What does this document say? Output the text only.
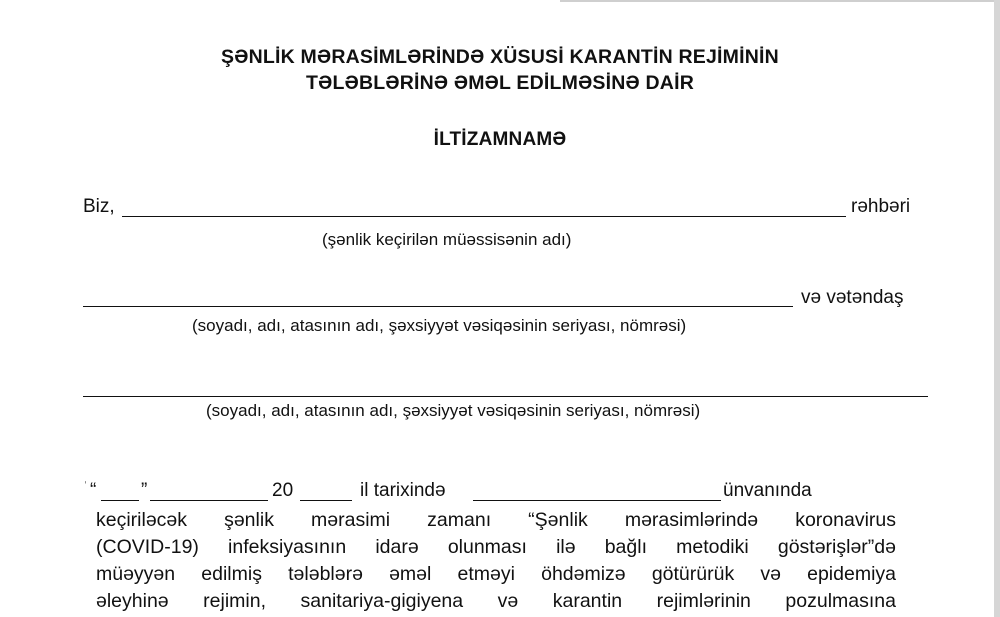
ŞƏNLİK MƏRASİMLƏRİNDƏ XÜSUSİ KARANTİN REJİMİNİN
TƏLƏBLƏRİNƏ ƏMƏL EDİLMƏSİNƏ DAİR
İLTİZAMNAMƏ
Biz,	rəhbəri
(şənlik keçirilən müəssisənin adı)
və vətəndaş
(soyadı, adı, atasının adı, şəxsiyyət vəsiqəsinin seriyası, nömrəsi)
(soyadı, adı, atasının adı, şəxsiyyət vəsiqəsinin seriyası, nömrəsi)
ˈ “ ”	20	il tarixində	ünvanında
keçiriləcək şənlik mərasimi zamanı “Şənlik mərasimlərində koronavirus
(COVID-19) infeksiyasının idarə olunması ilə bağlı metodiki göstərişlər”də
müəyyən edilmiş tələblərə əməl etməyi öhdəmizə götürürük və epidemiya
əleyhinə rejimin, sanitariya-gigiyena və karantin rejimlərinin pozulmasına
